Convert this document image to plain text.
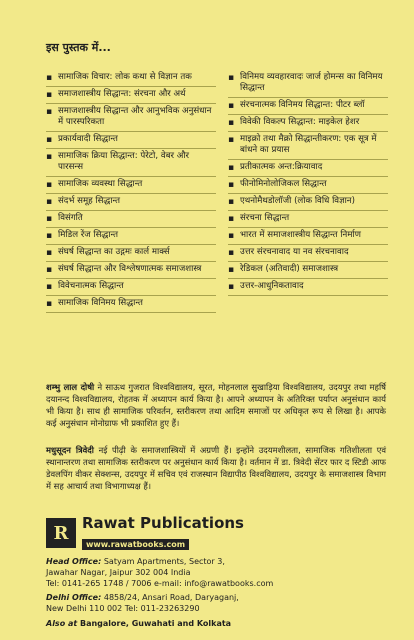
इस पुस्तक में...
▪ सामाजिक विचार: लोक कथा से विज्ञान तक
▪ समाजशास्त्रीय सिद्धान्त: संरचना और अर्थ
▪ समाजशास्त्रीय सिद्धान्त और आनुभविक अनुसंधान में पारस्परिकता
▪ प्रकार्यवादी सिद्धान्त
▪ सामाजिक क्रिया सिद्धान्त: पेरेटो, वेबर और पारसन्स
▪ सामाजिक व्यवस्था सिद्धान्त
▪ संदर्भ समूह सिद्धान्त
▪ विसंगति
▪ मिडिल रेंज सिद्धान्त
▪ संघर्ष सिद्धान्त का उद्गमः कार्ल मार्क्स
▪ संघर्ष सिद्धान्त और विश्लेषणात्मक समाजशास्त्र
▪ विवेचनात्मक सिद्धान्त
▪ सामाजिक विनिमय सिद्धान्त
▪ विनिमय व्यवहारवादः जार्ज होमन्स का विनिमय सिद्धान्त
▪ संरचनात्मक विनिमय सिद्धान्त: पीटर ब्लॉ
▪ विवेकी विकल्प सिद्धान्त: माइकेल हेशर
▪ माइक्रो तथा मैक्रो सिद्धान्तीकरण: एक सूत्र में बांधने का प्रयास
▪ प्रतीकात्मक अन्त:क्रियावाद
▪ फीनोमिनोलोजिकल सिद्धान्त
▪ एथनोमैथडोलॉजी (लोक विधि विज्ञान)
▪ संरचना सिद्धान्त
▪ भारत में समाजशास्त्रीय सिद्धान्त निर्माण
▪ उत्तर संरचनावाद या नव संरचनावाद
▪ रेडिकल (अतिवादी) समाजशास्त्र
▪ उत्तर-आधुनिकतावाद
शम्भु लाल दोषी ने साऊथ गुजरात विश्वविद्यालय, सूरत, मोहनलाल सुखाड़िया विश्वविद्यालय, उदयपुर तथा महर्षि दयानन्द विश्वविद्यालय, रोहतक में अध्यापन कार्य किया है। आपने अध्यापन के अतिरिक्त पर्याप्त अनुसंधान कार्य भी किया है। साथ ही सामाजिक परिवर्तन, स्तरीकरण तथा आदिम समाजों पर अधिकृत रूप से लिखा है। आपके कई अनुसंधान मोनोग्राफ भी प्रकाशित हुए हैं।
मधुसूदन त्रिवेदी नई पीढ़ी के समाजशास्त्रियों में अग्रणी हैं। इन्होंने उदयमशीलता, सामाजिक गतिशीलता एवं स्थानान्तरण तथा सामाजिक स्तरीकरण पर अनुसंधान कार्य किया है। वर्तमान में डा. त्रिवेदी सेंटर फार द स्टिडी आफ डेवलपिंग वीकर सेक्शन्स, उदयपुर में सचिव एवं राजस्थान विद्यापीठ विश्वविद्यालय, उदयपुर के समाजशास्त्र विभाग में सह आचार्य तथा विभागाध्यक्ष हैं।
R Rawat Publications
www.rawatbooks.com
Head Office: Satyam Apartments, Sector 3,
Jawahar Nagar, Jaipur 302 004 India
Tel: 0141-265 1748 / 7006 e-mail: info@rawatbooks.com
Delhi Office: 4858/24, Ansari Road, Daryaganj,
New Delhi 110 002 Tel: 011-23263290
Also at Bangalore, Guwahati and Kolkata
